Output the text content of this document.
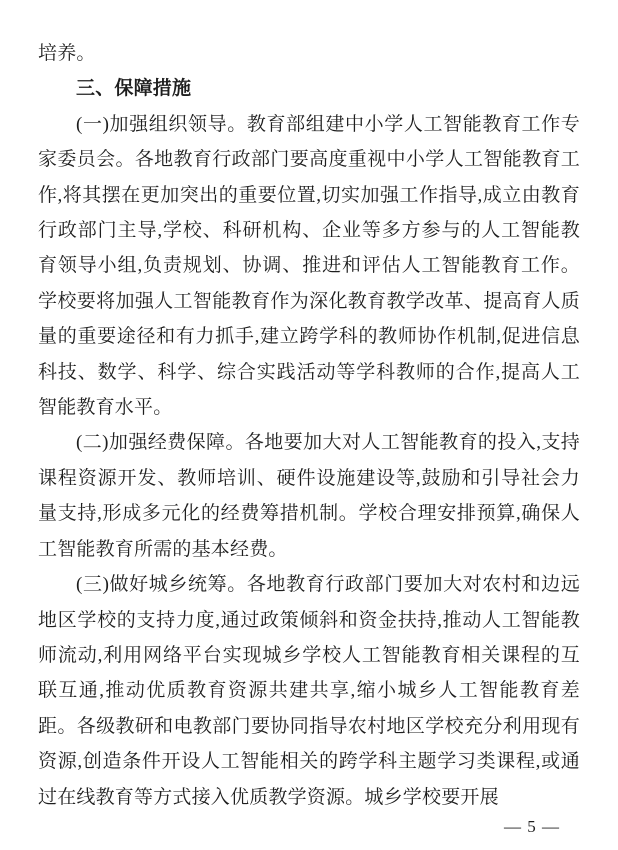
培养。

三、保障措施

(一)加强组织领导。教育部组建中小学人工智能教育工作专家委员会。各地教育行政部门要高度重视中小学人工智能教育工作,将其摆在更加突出的重要位置,切实加强工作指导,成立由教育行政部门主导,学校、科研机构、企业等多方参与的人工智能教育领导小组,负责规划、协调、推进和评估人工智能教育工作。学校要将加强人工智能教育作为深化教育教学改革、提高育人质量的重要途径和有力抓手,建立跨学科的教师协作机制,促进信息科技、数学、科学、综合实践活动等学科教师的合作,提高人工智能教育水平。

(二)加强经费保障。各地要加大对人工智能教育的投入,支持课程资源开发、教师培训、硬件设施建设等,鼓励和引导社会力量支持,形成多元化的经费筹措机制。学校合理安排预算,确保人工智能教育所需的基本经费。

(三)做好城乡统筹。各地教育行政部门要加大对农村和边远地区学校的支持力度,通过政策倾斜和资金扶持,推动人工智能教师流动,利用网络平台实现城乡学校人工智能教育相关课程的互联互通,推动优质教育资源共建共享,缩小城乡人工智能教育差距。各级教研和电教部门要协同指导农村地区学校充分利用现有资源,创造条件开设人工智能相关的跨学科主题学习类课程,或通过在线教育等方式接入优质教学资源。城乡学校要开展

— 5 —
